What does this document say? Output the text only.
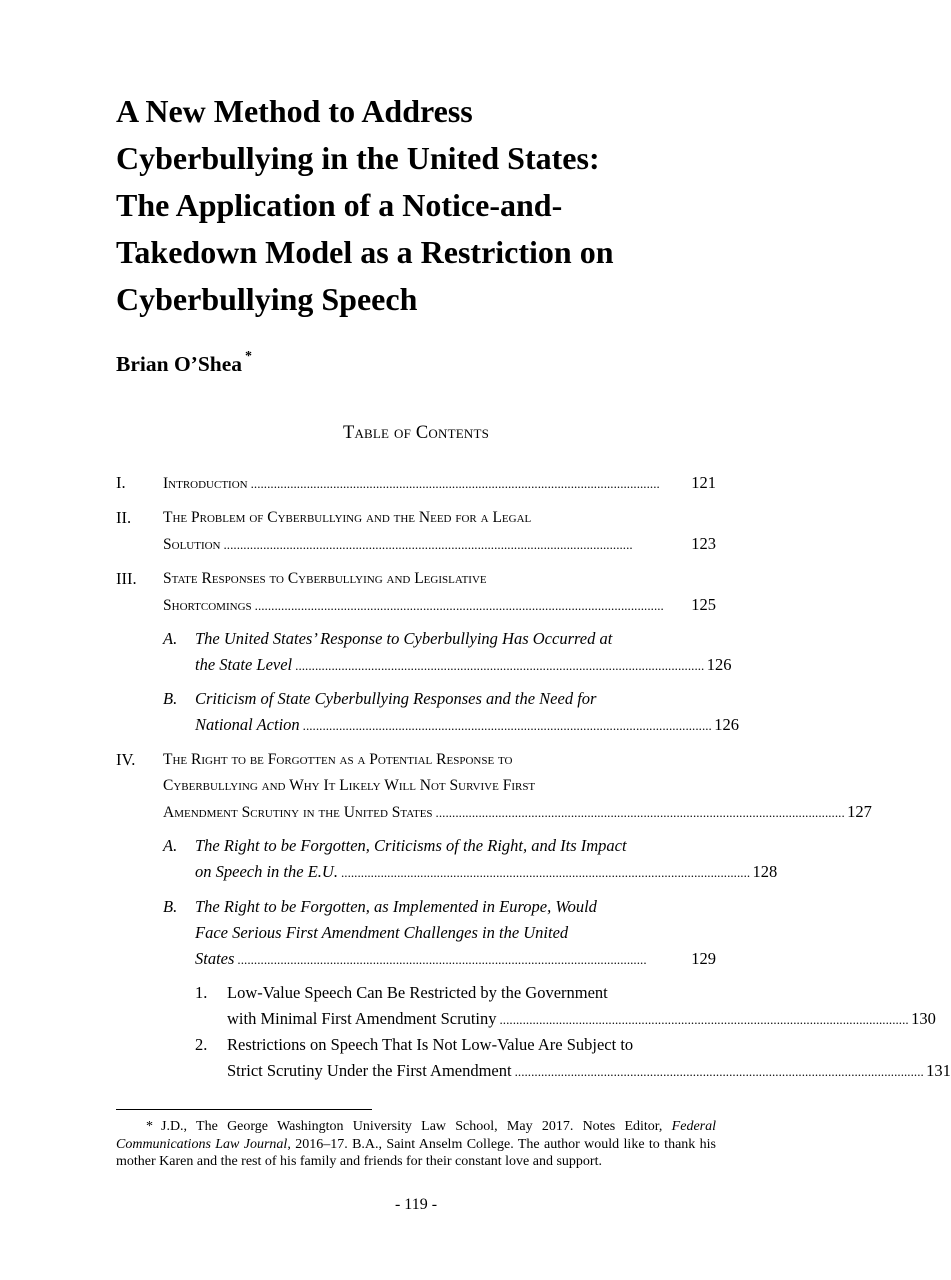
A New Method to Address
Cyberbullying in the United States:
The Application of a Notice-and-
Takedown Model as a Restriction on
Cyberbullying Speech

Brian O’Shea *

Table of Contents

I. Introduction . . .	121
II. The Problem of Cyberbullying and the Need for a Legal
Solution . . .	123
III. State Responses to Cyberbullying and Legislative
Shortcomings . . .	125
A.	The United States’ Response to Cyberbullying Has Occurred at
the State Level . . .	126
B.	Criticism of State Cyberbullying Responses and the Need for
National Action . . .	126
IV. The Right to be Forgotten as a Potential Response to
Cyberbullying and Why It Likely Will Not Survive First
Amendment Scrutiny in the United States . . .	127
A.	The Right to be Forgotten, Criticisms of the Right, and Its Impact
on Speech in the E.U. . . .	128
B.	The Right to be Forgotten, as Implemented in Europe, Would
Face Serious First Amendment Challenges in the United
States . . .	129
1.	Low-Value Speech Can Be Restricted by the Government
with Minimal First Amendment Scrutiny . . .	130
2.	Restrictions on Speech That Is Not Low-Value Are Subject to
Strict Scrutiny Under the First Amendment . . .	131

* J.D., The George Washington University Law School, May 2017. Notes Editor, Federal Communications Law Journal, 2016–17. B.A., Saint Anselm College. The author would like to thank his mother Karen and the rest of his family and friends for their constant love and support.

- 119 -
